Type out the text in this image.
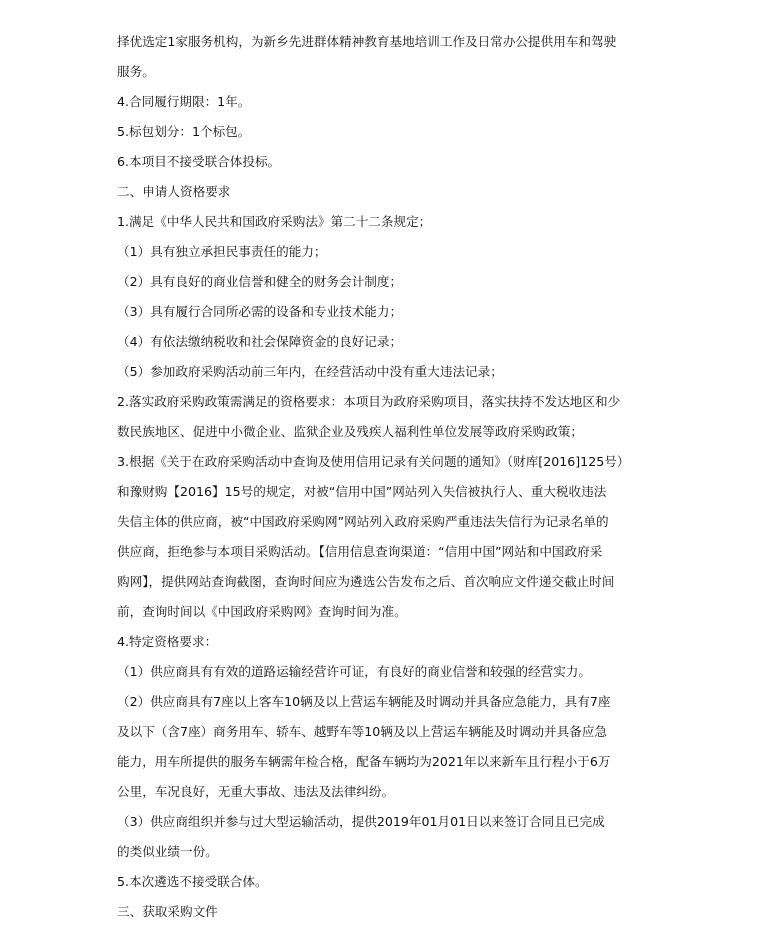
择优选定1家服务机构，为新乡先进群体精神教育基地培训工作及日常办公提供用车和驾驶
服务。
4.合同履行期限：1年。
5.标包划分：1个标包。
6.本项目不接受联合体投标。
二、申请人资格要求
1.满足《中华人民共和国政府采购法》第二十二条规定；
（1）具有独立承担民事责任的能力；
（2）具有良好的商业信誉和健全的财务会计制度；
（3）具有履行合同所必需的设备和专业技术能力；
（4）有依法缴纳税收和社会保障资金的良好记录；
（5）参加政府采购活动前三年内，在经营活动中没有重大违法记录；
2.落实政府采购政策需满足的资格要求：本项目为政府采购项目，落实扶持不发达地区和少
数民族地区、促进中小微企业、监狱企业及残疾人福利性单位发展等政府采购政策；
3.根据《关于在政府采购活动中查询及使用信用记录有关问题的通知》（财库[2016]125号）
和豫财购【2016】15号的规定，对被“信用中国”网站列入失信被执行人、重大税收违法
失信主体的供应商，被“中国政府采购网”网站列入政府采购严重违法失信行为记录名单的
供应商，拒绝参与本项目采购活动。【信用信息查询渠道：“信用中国”网站和中国政府采
购网】，提供网站查询截图，查询时间应为遴选公告发布之后、首次响应文件递交截止时间
前，查询时间以《中国政府采购网》查询时间为准。
4.特定资格要求：
（1）供应商具有有效的道路运输经营许可证，有良好的商业信誉和较强的经营实力。
（2）供应商具有7座以上客车10辆及以上营运车辆能及时调动并具备应急能力，具有7座
及以下（含7座）商务用车、轿车、越野车等10辆及以上营运车辆能及时调动并具备应急
能力，用车所提供的服务车辆需年检合格，配备车辆均为2021年以来新车且行程小于6万
公里，车况良好，无重大事故、违法及法律纠纷。
（3）供应商组织并参与过大型运输活动，提供2019年01月01日以来签订合同且已完成
的类似业绩一份。
5.本次遴选不接受联合体。
三、获取采购文件
